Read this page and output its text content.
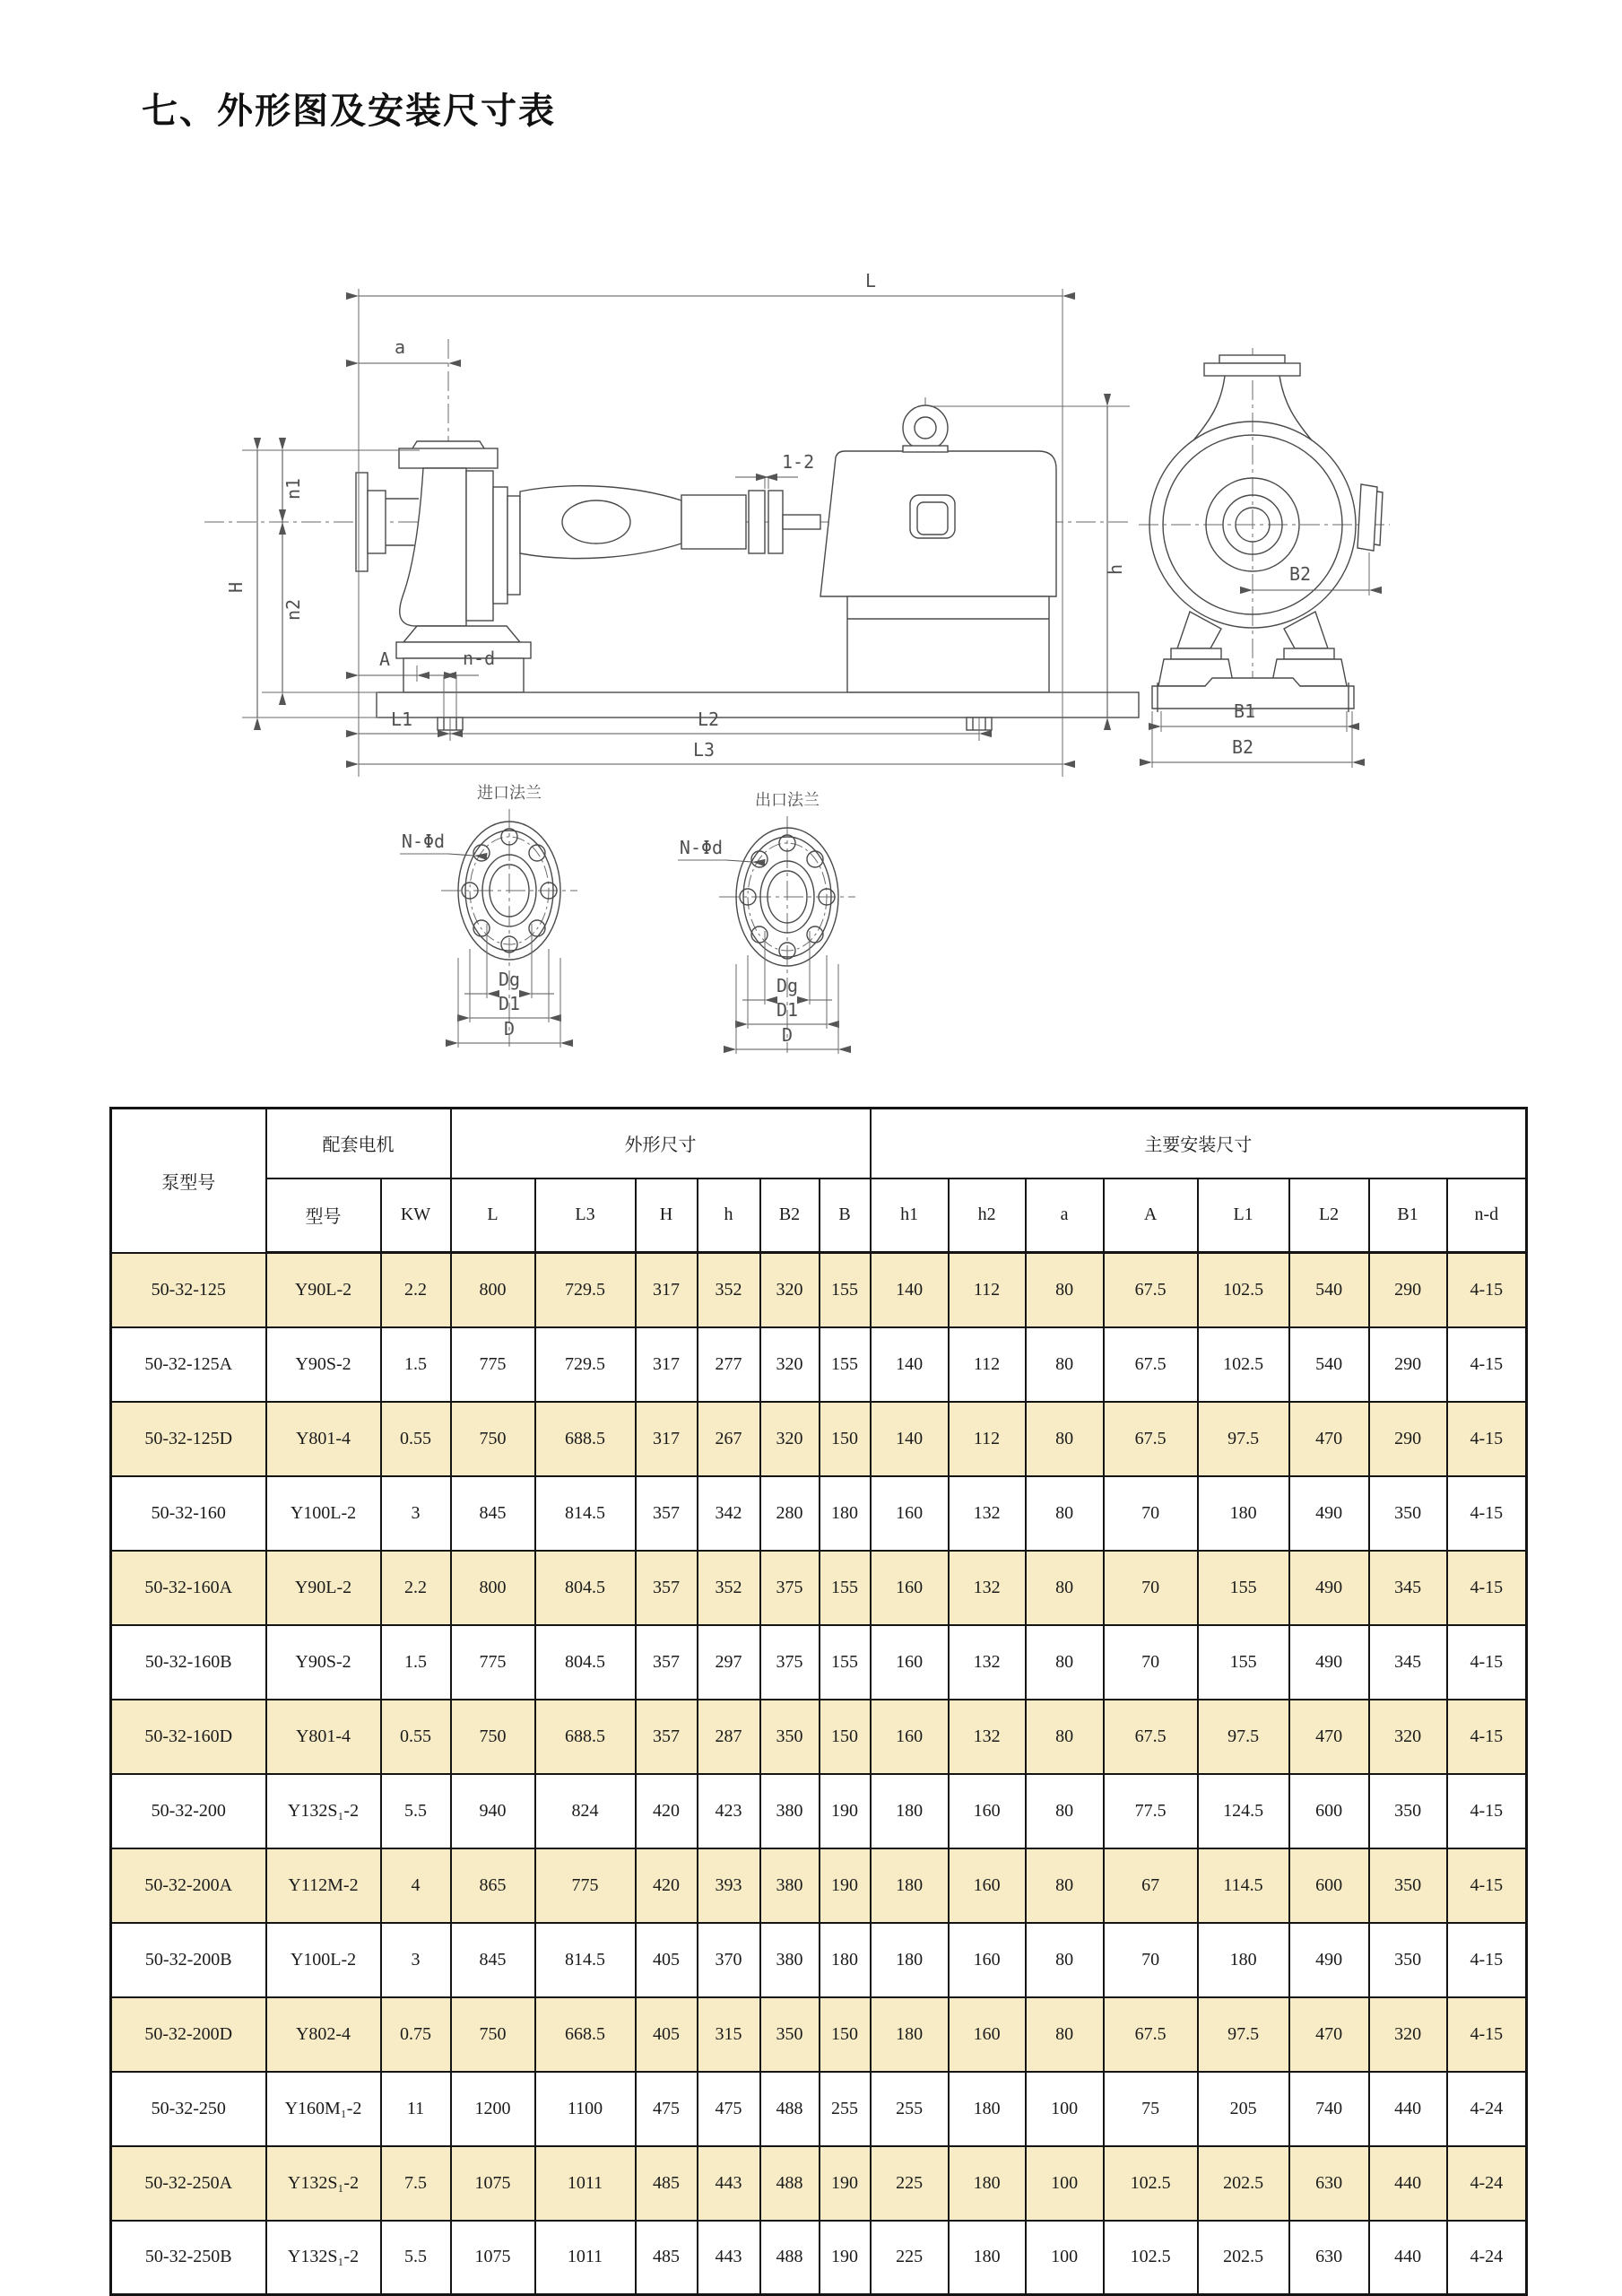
七、外形图及安装尺寸表
L
a
H
n1
n2
h
1-2
A	n-d
L1	L2
L3
B2
B1
B2
进口法兰
N-Φd
Dg
D1
D
出口法兰
N-Φd
Dg
D1
D
泵型号	配套电机		外形尺寸						主要安装尺寸							
	型号	KW	L	L3	H	h	B2	B	h1	h2	a	A	L1	L2	B1	n-d
50-32-125	Y90L-2	2.2	800	729.5	317	352	320	155	140	112	80	67.5	102.5	540	290	4-15
50-32-125A	Y90S-2	1.5	775	729.5	317	277	320	155	140	112	80	67.5	102.5	540	290	4-15
50-32-125D	Y801-4	0.55	750	688.5	317	267	320	150	140	112	80	67.5	97.5	470	290	4-15
50-32-160	Y100L-2	3	845	814.5	357	342	280	180	160	132	80	70	180	490	350	4-15
50-32-160A	Y90L-2	2.2	800	804.5	357	352	375	155	160	132	80	70	155	490	345	4-15
50-32-160B	Y90S-2	1.5	775	804.5	357	297	375	155	160	132	80	70	155	490	345	4-15
50-32-160D	Y801-4	0.55	750	688.5	357	287	350	150	160	132	80	67.5	97.5	470	320	4-15
50-32-200	Y132S₁-2	5.5	940	824	420	423	380	190	180	160	80	77.5	124.5	600	350	4-15
50-32-200A	Y112M-2	4	865	775	420	393	380	190	180	160	80	67	114.5	600	350	4-15
50-32-200B	Y100L-2	3	845	814.5	405	370	380	180	180	160	80	70	180	490	350	4-15
50-32-200D	Y802-4	0.75	750	668.5	405	315	350	150	180	160	80	67.5	97.5	470	320	4-15
50-32-250	Y160M₁-2	11	1200	1100	475	475	488	255	255	180	100	75	205	740	440	4-24
50-32-250A	Y132S₁-2	7.5	1075	1011	485	443	488	190	225	180	100	102.5	202.5	630	440	4-24
50-32-250B	Y132S₁-2	5.5	1075	1011	485	443	488	190	225	180	100	102.5	202.5	630	440	4-24
